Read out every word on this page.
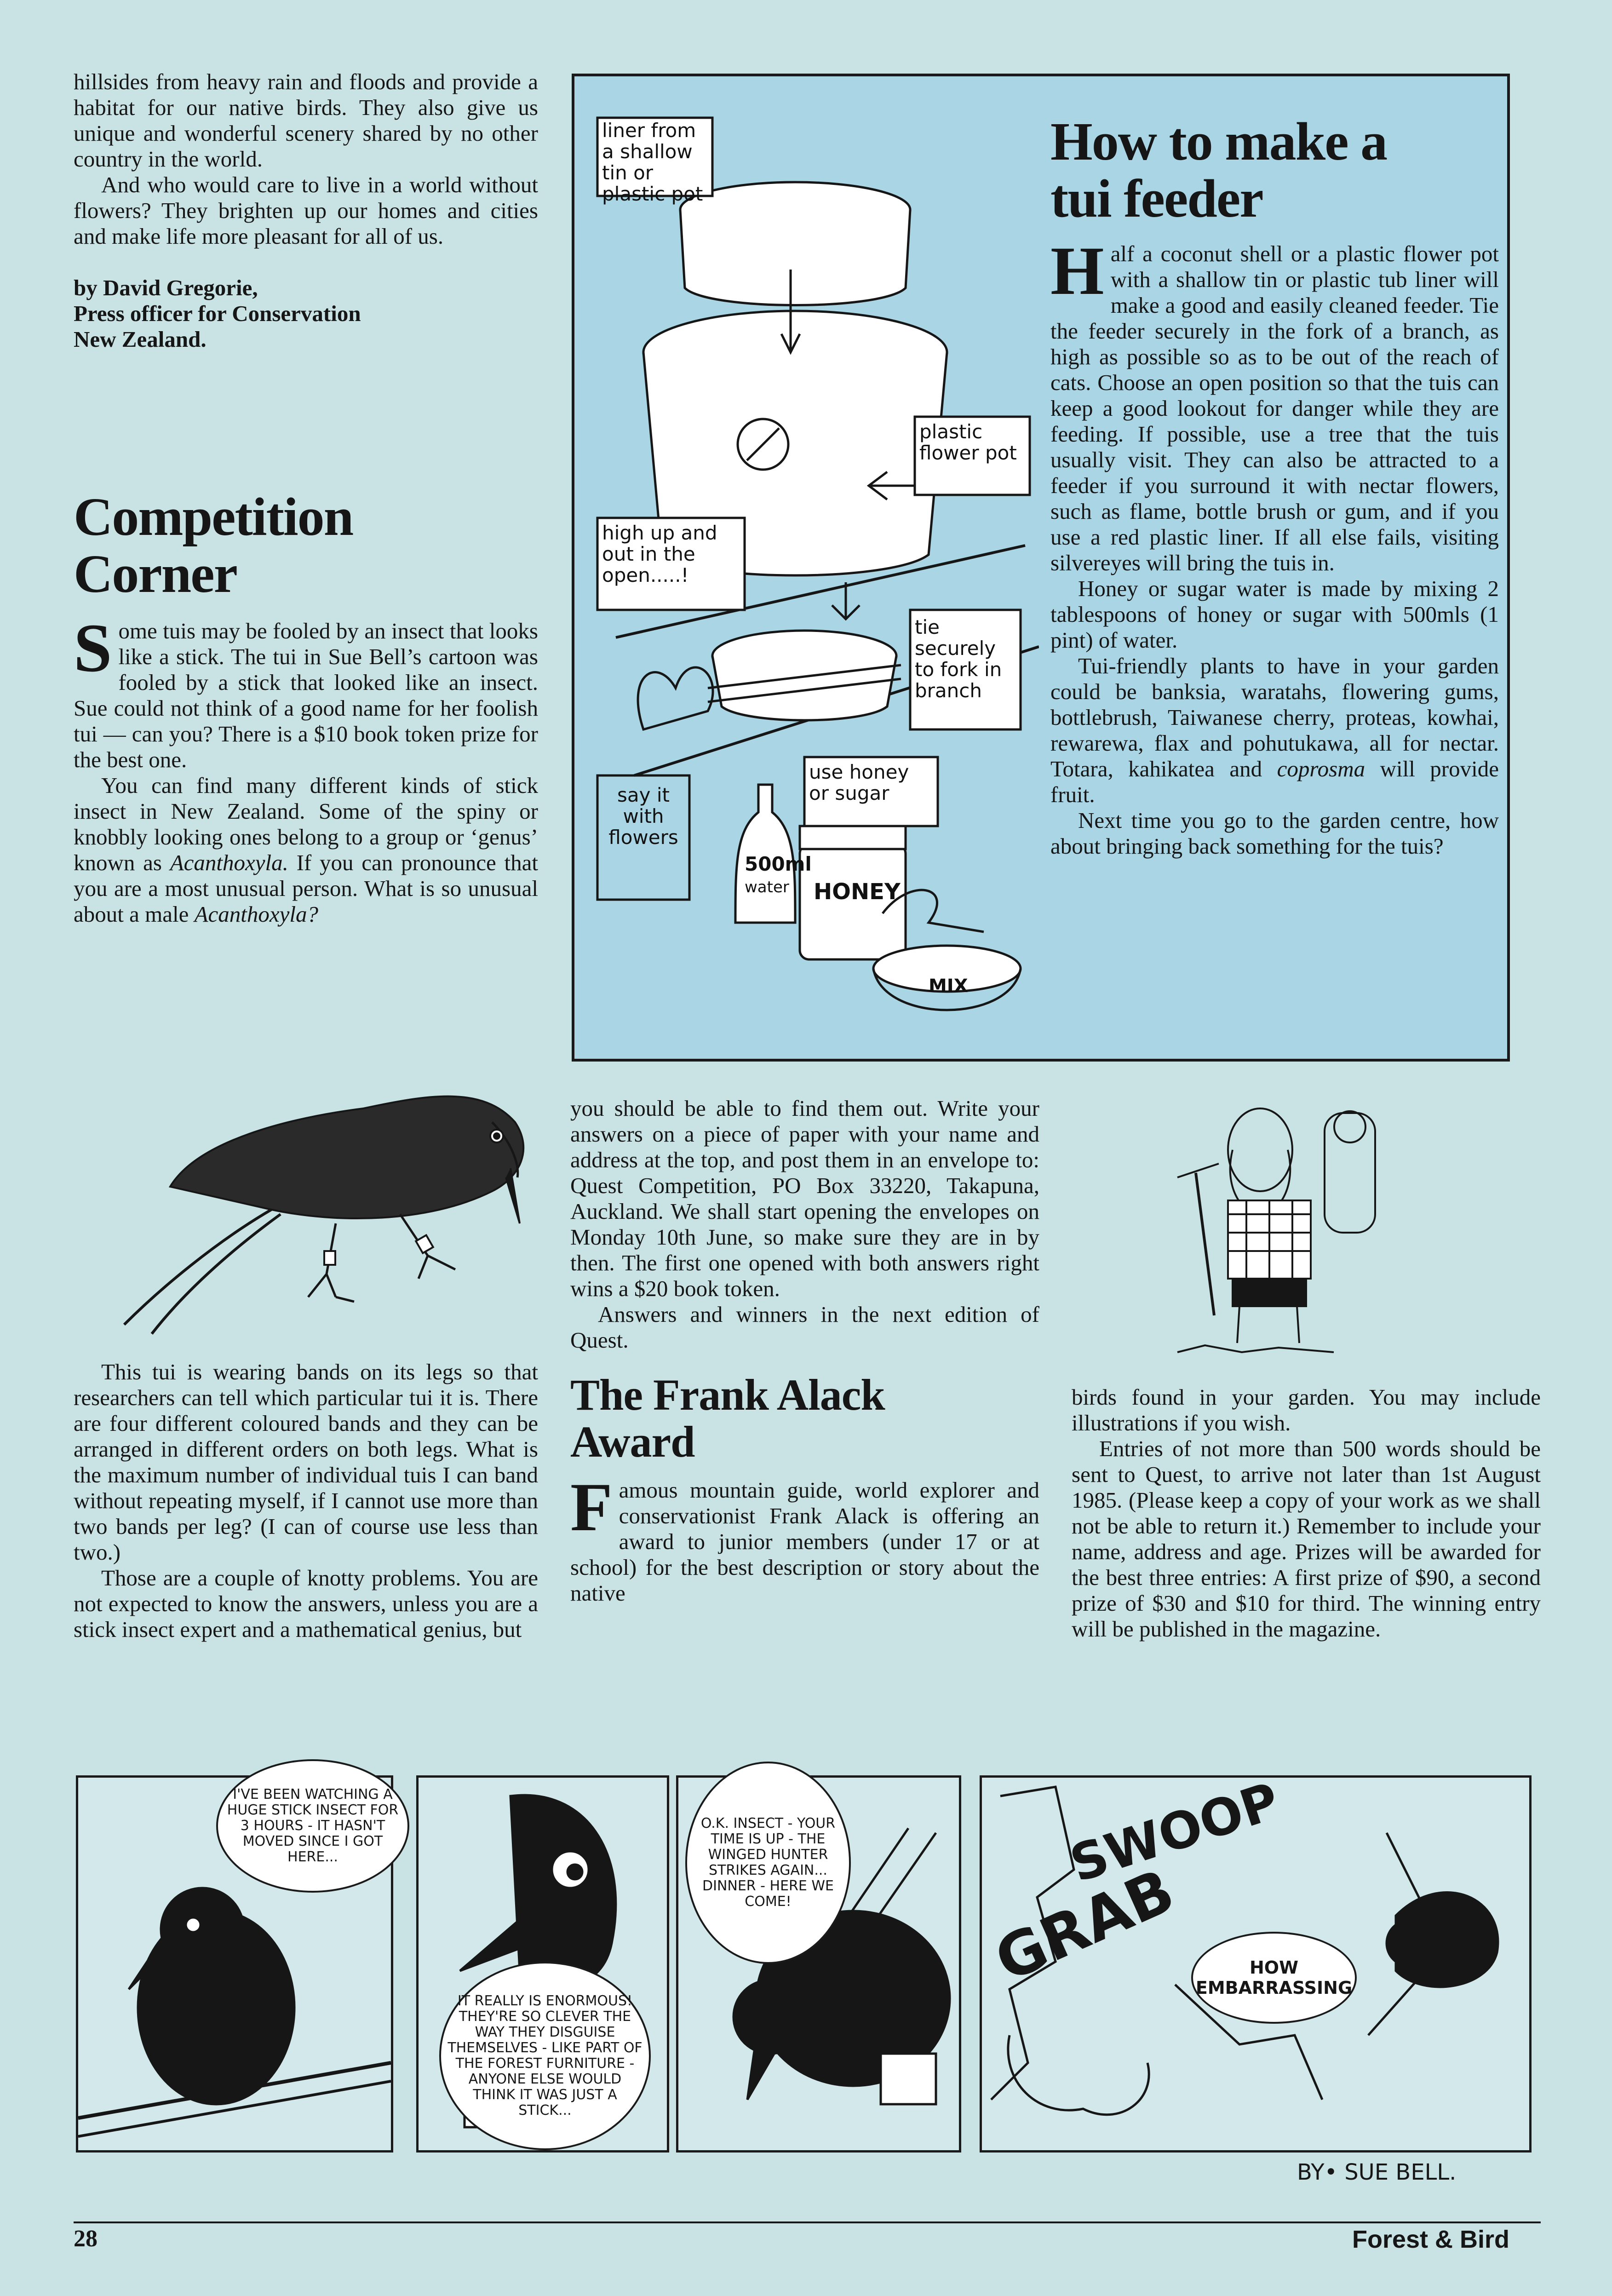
hillsides from heavy rain and floods and provide a habitat for our native birds. They also give us unique and wonderful scenery shared by no other country in the world.

And who would care to live in a world without flowers? They brighten up our homes and cities and make life more pleasant for all of us.

by David Gregorie,
Press officer for Conservation
New Zealand.
Competition
Corner

Some tuis may be fooled by an insect that looks like a stick. The tui in Sue Bell’s cartoon was fooled by a stick that looked like an insect. Sue could not think of a good name for her foolish tui — can you? There is a $10 book token prize for the best one.

You can find many different kinds of stick insect in New Zealand. Some of the spiny or knobbly looking ones belong to a group or ‘genus’ known as Acanthoxyla. If you can pronounce that you are a most unusual person. What is so unusual about a male Acanthoxyla?

This tui is wearing bands on its legs so that researchers can tell which particular tui it is. There are four different coloured bands and they can be arranged in different orders on both legs. What is the maximum number of individual tuis I can band without repeating myself, if I cannot use more than two bands per leg? (I can of course use less than two.)

Those are a couple of knotty problems. You are not expected to know the answers, unless you are a stick insect expert and a mathematical genius, but

you should be able to find them out. Write your answers on a piece of paper with your name and address at the top, and post them in an envelope to: Quest Competition, PO Box 33220, Takapuna, Auckland. We shall start opening the envelopes on Monday 10th June, so make sure they are in by then. The first one opened with both answers right wins a $20 book token.

Answers and winners in the next edition of Quest.

The Frank Alack
Award

Famous mountain guide, world explorer and conservationist Frank Alack is offering an award to junior members (under 17 or at school) for the best description or story about the native

birds found in your garden. You may include illustrations if you wish.

Entries of not more than 500 words should be sent to Quest, to arrive not later than 1st August 1985. (Please keep a copy of your work as we shall not be able to return it.) Remember to include your name, address and age. Prizes will be awarded for the best three entries: A first prize of $90, a second prize of $30 and $10 for third. The winning entry will be published in the magazine.

liner from a shallow tin or plastic pot
plastic flower pot
high up and out in the open.....!
tie securely to fork in branch
say it with flowers
use honey or sugar
500ml
water HONEY
MIX
How to make a
tui feeder

Half a coconut shell or a plastic flower pot with a shallow tin or plastic tub liner will make a good and easily cleaned feeder. Tie the feeder securely in the fork of a branch, as high as possible so as to be out of the reach of cats. Choose an open position so that the tuis can keep a good lookout for danger while they are feeding. If possible, use a tree that the tuis usually visit. They can also be attracted to a feeder if you surround it with nectar flowers, such as flame, bottle brush or gum, and if you use a red plastic liner. If all else fails, visiting silvereyes will bring the tuis in.

Honey or sugar water is made by mixing 2 tablespoons of honey or sugar with 500mls (1 pint) of water.

Tui-friendly plants to have in your garden could be banksia, waratahs, flowering gums, bottlebrush, Taiwanese cherry, proteas, kowhai, rewarewa, flax and pohutukawa, all for nectar. Totara, kahikatea and coprosma will provide fruit.

Next time you go to the garden centre, how about bringing back something for the tuis?

I'VE BEEN WATCHING A HUGE STICK INSECT FOR 3 HOURS - IT HASN'T MOVED SINCE I GOT HERE...
IT REALLY IS ENORMOUS! THEY'RE SO CLEVER THE WAY THEY DISGUISE THEMSELVES - LIKE PART OF THE FOREST FURNITURE - ANYONE ELSE WOULD THINK IT WAS JUST A STICK...
O.K. INSECT - YOUR TIME IS UP - THE WINGED HUNTER STRIKES AGAIN... DINNER - HERE WE COME!
SWOOP
GRAB	HOW EMBARRASSING
BY• SUE BELL.
28	Forest & Bird
